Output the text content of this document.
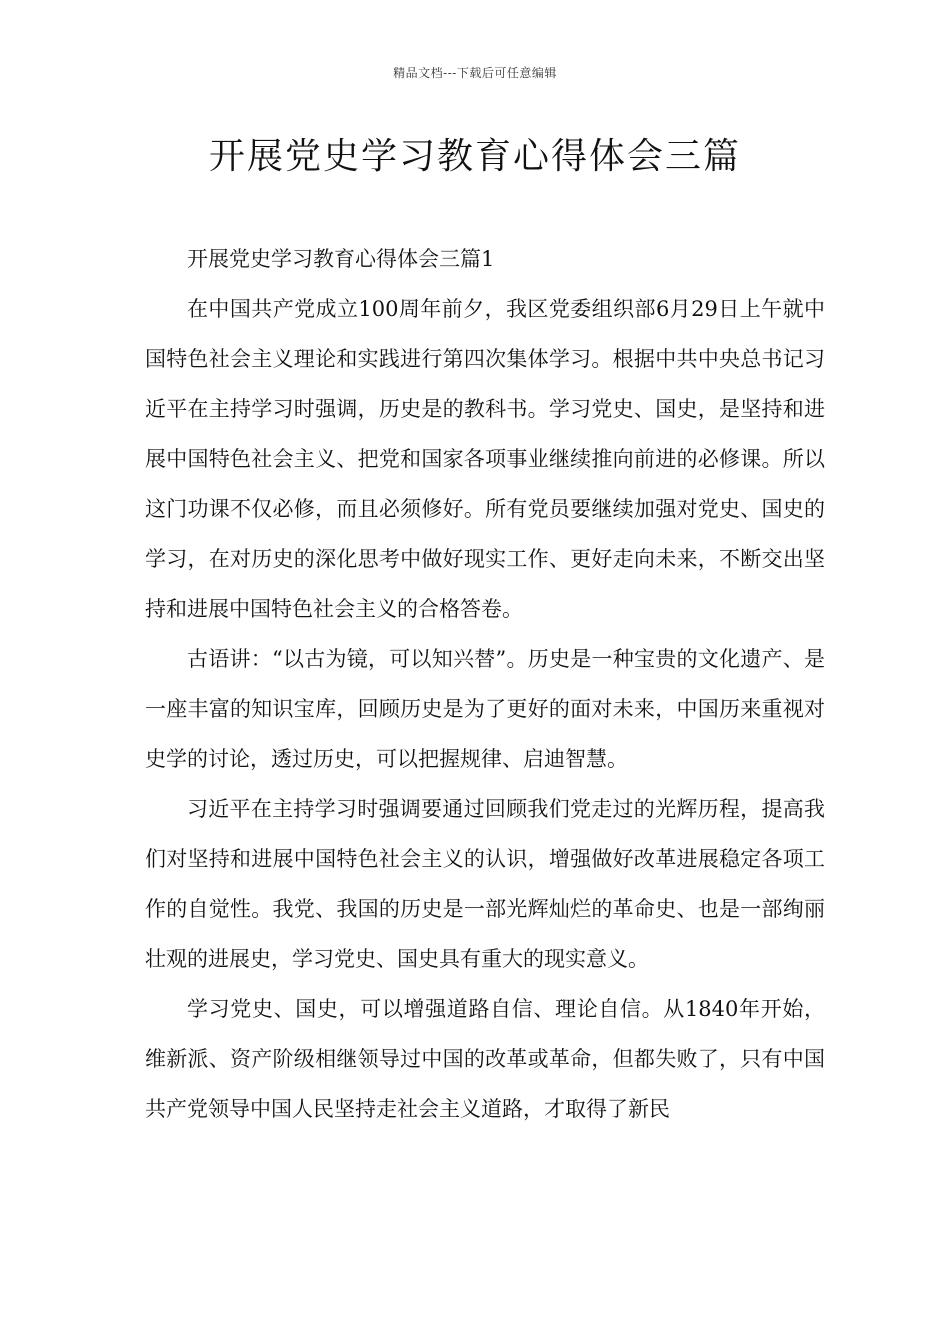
精品文档---下载后可任意编辑
开展党史学习教育心得体会三篇

开展党史学习教育心得体会三篇1

在中国共产党成立100周年前夕，我区党委组织部6月29日上午就中国特色社会主义理论和实践进行第四次集体学习。根据中共中央总书记习近平在主持学习时强调，历史是的教科书。学习党史、国史，是坚持和进展中国特色社会主义、把党和国家各项事业继续推向前进的必修课。所以这门功课不仅必修，而且必须修好。所有党员要继续加强对党史、国史的学习，在对历史的深化思考中做好现实工作、更好走向未来，不断交出坚持和进展中国特色社会主义的合格答卷。

古语讲：“以古为镜，可以知兴替”。历史是一种宝贵的文化遗产、是一座丰富的知识宝库，回顾历史是为了更好的面对未来，中国历来重视对史学的讨论，透过历史，可以把握规律、启迪智慧。

习近平在主持学习时强调要通过回顾我们党走过的光辉历程，提高我们对坚持和进展中国特色社会主义的认识，增强做好改革进展稳定各项工作的自觉性。我党、我国的历史是一部光辉灿烂的革命史、也是一部绚丽壮观的进展史，学习党史、国史具有重大的现实意义。

学习党史、国史，可以增强道路自信、理论自信。从1840年开始，维新派、资产阶级相继领导过中国的改革或革命，但都失败了，只有中国共产党领导中国人民坚持走社会主义道路，才取得了新民
